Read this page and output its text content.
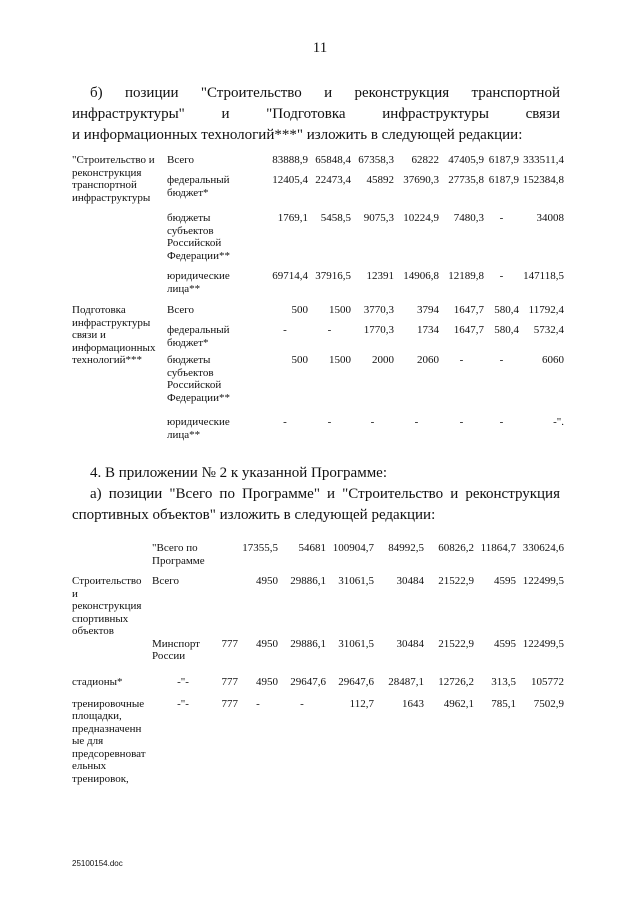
11
б) позиции "Строительство и реконструкция транспортной
инфраструктуры" и "Подготовка инфраструктуры связи
и информационных технологий***" изложить в следующей редакции:
"Строительство и реконструкция транспортной инфраструктуры	Всего	83888,9	65848,4	67358,3	62822	47405,9	6187,9	333511,4
	федеральный бюджет*	12405,4	22473,4	45892	37690,3	27735,8	6187,9	152384,8
	бюджеты субъектов Российской Федерации**	1769,1	5458,5	9075,3	10224,9	7480,3	-	34008
	юридические лица**	69714,4	37916,5	12391	14906,8	12189,8	-	147118,5
Подготовка инфраструктуры связи и информационных технологий***	Всего	500	1500	3770,3	3794	1647,7	580,4	11792,4
	федеральный бюджет*	-	-	1770,3	1734	1647,7	580,4	5732,4
	бюджеты субъектов Российской Федерации**	500	1500	2000	2060	-	-	6060
	юридические лица**	-	-	-	-	-	-	-".
4. В приложении № 2 к указанной Программе:
а) позиции "Всего по Программе" и "Строительство и реконструкция
спортивных объектов" изложить в следующей редакции:
	"Всего по Программе		17355,5	54681	100904,7	84992,5	60826,2	11864,7	330624,6
Строительство и реконструкция спортивных объектов	Всего		4950	29886,1	31061,5	30484	21522,9	4595	122499,5
	Минспорт России	777	4950	29886,1	31061,5	30484	21522,9	4595	122499,5
стадионы*	-"-	777	4950	29647,6	29647,6	28487,1	12726,2	313,5	105772
тренировочные площадки, предназначенные для предсоревновательных тренировок,	-"-	777	-	-	112,7	1643	4962,1	785,1	7502,9
25100154.doc
